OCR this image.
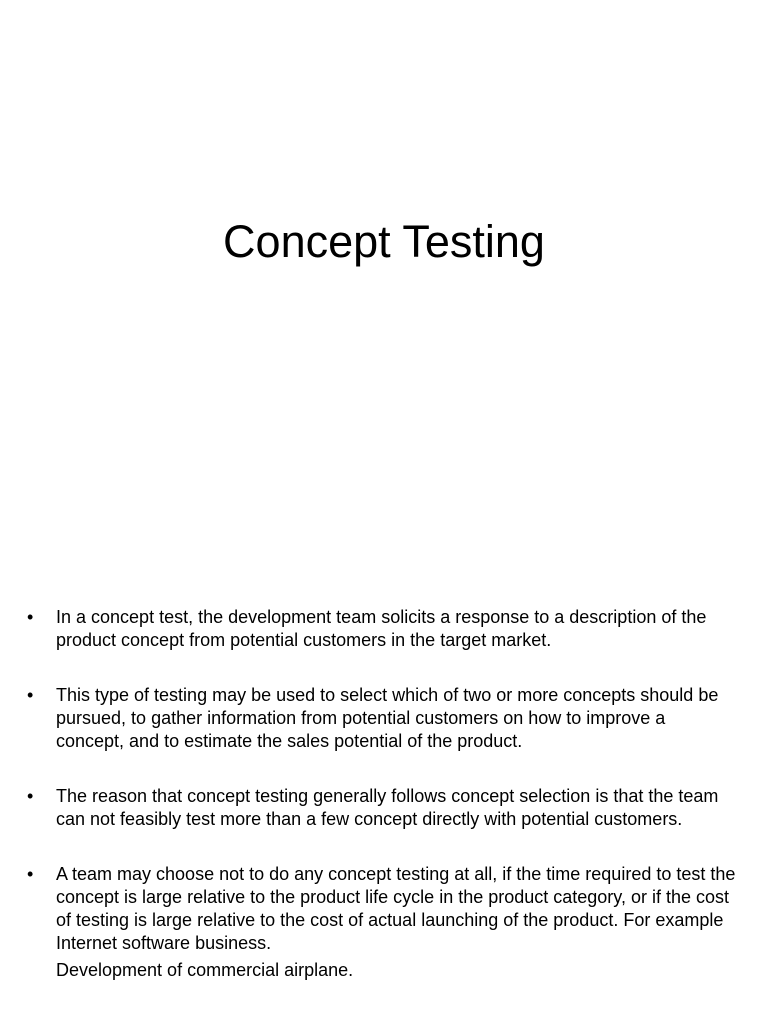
Concept Testing
• In a concept test, the development team solicits a response to a description of the product concept from potential customers in the target market.
• This type of testing may be used to select which of two or more concepts should be pursued, to gather information from potential customers on how to improve a concept, and to estimate the sales potential of the product.
• The reason that concept testing generally follows concept selection is that the team can not feasibly test more than a few concept directly with potential customers.
• A team may choose not to do any concept testing at all, if the time required to test the concept is large relative to the product life cycle in the product category, or if the cost of testing is large relative to the cost of actual launching of the product. For example Internet software business.
Development of commercial airplane.
